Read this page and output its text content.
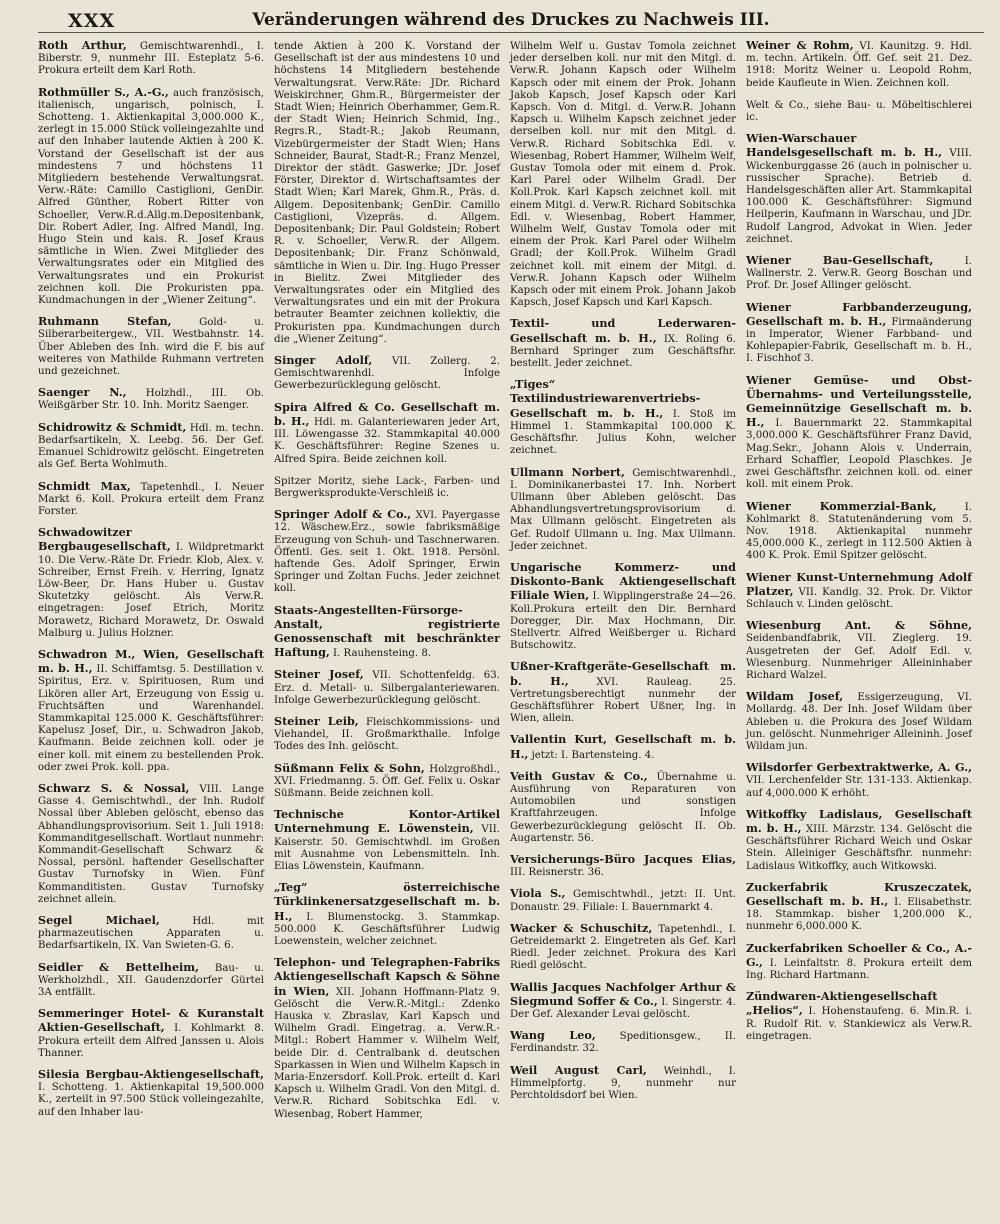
XXX	Veränderungen während des Druckes zu Nachweis III.
Roth Arthur, Gemischtwarenhdl., I. Biberstr. 9, nunmehr III. Esteplatz 5-6. Prokura erteilt dem Karl Roth.
Rothmüller S., A.-G., auch französisch, italienisch, ungarisch, polnisch, I. Schotteng. 1. Aktienkapital 3,000.000 K., zerlegt in 15.000 Stück volleingezahlte und auf den Inhaber lautende Aktien à 200 K. Vorstand der Gesellschaft ist der aus mindestens 7 und höchstens 11 Mitgliedern bestehende Verwaltungsrat. Verw.-Räte: Camillo Castiglioni, GenDir. Alfred Günther, Robert Ritter von Schoeller, Verw.R.d.Allg.m.Depositenbank, Dir. Robert Adler, Ing. Alfred Mandl, Ing. Hugo Stein und kais. R. Josef Kraus sämtliche in Wien. Zwei Mitglieder des Verwaltungsrates oder ein Mitglied des Verwaltungsrates und ein Prokurist zeichnen koll. Die Prokuristen ppa. Kundmachungen in der „Wiener Zeitung“.
Ruhmann Stefan, Gold- u. Silberarbeitergew., VII. Westbahnstr. 14. Über Ableben des Inh. wird die F. bis auf weiteres von Mathilde Ruhmann vertreten und gezeichnet.
Saenger N., Holzhdl., III. Ob. Weißgärber Str. 10. Inh. Moritz Saenger.
Schidrowitz & Schmidt, Hdl. m. techn. Bedarfsartikeln, X. Leebg. 56. Der Gef. Emanuel Schidrowitz gelöscht. Eingetreten als Gef. Berta Wohlmuth.
Schmidt Max, Tapetenhdl., I. Neuer Markt 6. Koll. Prokura erteilt dem Franz Forster.
Schwadowitzer Bergbaugesellschaft, I. Wildpretmarkt 10. Die Verw.-Räte Dr. Friedr. Klob, Alex. v. Schreiber, Ernst Freih. v. Herring, Ignatz Löw-Beer, Dr. Hans Huber u. Gustav Skutetzky gelöscht. Als Verw.R. eingetragen: Josef Etrich, Moritz Morawetz, Richard Morawetz, Dr. Oswald Malburg u. Julius Holzner.
Schwadron M., Wien, Gesellschaft m. b. H., II. Schiffamtsg. 5. Destillation v. Spiritus, Erz. v. Spirituosen, Rum und Likören aller Art, Erzeugung von Essig u. Fruchtsäften und Warenhandel. Stammkapital 125.000 K. Geschäftsführer: Kapelusz Josef, Dir., u. Schwadron Jakob, Kaufmann. Beide zeichnen koll. oder je einer koll. mit einem zu bestellenden Prok. oder zwei Prok. koll. ppa.
Schwarz S. & Nossal, VIII. Lange Gasse 4. Gemischtwhdl., der Inh. Rudolf Nossal über Ableben gelöscht, ebenso das Abhandlungsprovisorium. Seit 1. Juli 1918: Kommanditgesellschaft. Wortlaut nunmehr: Kommandit-Gesellschaft Schwarz & Nossal, persönl. haftender Gesellschafter Gustav Turnofsky in Wien. Fünf Kommanditisten. Gustav Turnofsky zeichnet allein.
Segel Michael, Hdl. mit pharmazeutischen Apparaten u. Bedarfsartikeln, IX. Van Swieten-G. 6.
Seidler & Bettelheim, Bau- u. Werkholzhdl., XII. Gaudenzdorfer Gürtel 3A entfällt.
Semmeringer Hotel- & Kuranstalt Aktien-Gesellschaft, I. Kohlmarkt 8. Prokura erteilt dem Alfred Janssen u. Alois Thanner.
Silesia Bergbau-Aktiengesellschaft, I. Schotteng. 1. Aktienkapital 19,500.000 K., zerteilt in 97.500 Stück volleingezahlte, auf den Inhaber lau-
tende Aktien à 200 K. Vorstand der Gesellschaft ist der aus mindestens 10 und höchstens 14 Mitgliedern bestehende Verwaltungsrat. Verw.Räte: JDr. Richard Weiskirchner, Ghm.R., Bürgermeister der Stadt Wien; Heinrich Oberhammer, Gem.R. der Stadt Wien; Heinrich Schmid, Ing., Regrs.R., Stadt-R.; Jakob Reumann, Vizebürgermeister der Stadt Wien; Hans Schneider, Baurat, Stadt-R.; Franz Menzel, Direktor der städt. Gaswerke; JDr. Josef Förster, Direktor d. Wirtschaftsamtes der Stadt Wien; Karl Marek, Ghm.R., Präs. d. Allgem. Depositenbank; GenDir. Camillo Castiglioni, Vizepräs. d. Allgem. Depositenbank; Dir. Paul Goldstein; Robert R. v. Schoeller, Verw.R. der Allgem. Depositenbank; Dir. Franz Schönwald, sämtliche in Wien u. Dir. Ing. Hugo Presser in Bielitz. Zwei Mitglieder des Verwaltungsrates oder ein Mitglied des Verwaltungsrates und ein mit der Prokura betrauter Beamter zeichnen kollektiv, die Prokuristen ppa. Kundmachungen durch die „Wiener Zeitung“.
Singer Adolf, VII. Zollerg. 2. Gemischtwarenhdl. Infolge Gewerbezurücklegung gelöscht.
Spira Alfred & Co. Gesellschaft m. b. H., Hdl. m. Galanteriewaren jeder Art, III. Löwengasse 32. Stammkapital 40.000 K. Geschäftsführer: Regine Szenes u. Alfred Spira. Beide zeichnen koll.
Spitzer Moritz, siehe Lack-, Farben- und Bergwerksprodukte-Verschleiß ic.
Springer Adolf & Co., XVI. Payergasse 12. Wäschew.Erz., sowie fabriksmäßige Erzeugung von Schuh- und Taschnerwaren. Öffentl. Ges. seit 1. Okt. 1918. Persönl. haftende Ges. Adolf Springer, Erwin Springer und Zoltan Fuchs. Jeder zeichnet koll.
Staats-Angestellten-Fürsorge-Anstalt, registrierte Genossenschaft mit beschränkter Haftung, I. Rauhensteing. 8.
Steiner Josef, VII. Schottenfeldg. 63. Erz. d. Metall- u. Silbergalanteriewaren. Infolge Gewerbezurücklegung gelöscht.
Steiner Leib, Fleischkommissions- und Viehandel, II. Großmarkthalle. Infolge Todes des Inh. gelöscht.
Süßmann Felix & Sohn, Holzgroßhdl., XVI. Friedmanng. 5. Öff. Gef. Felix u. Oskar Süßmann. Beide zeichnen koll.
Technische Kontor-Artikel Unternehmung E. Löwenstein, VII. Kaiserstr. 50. Gemischtwhdl. im Großen mit Ausnahme von Lebensmitteln. Inh. Elias Löwenstein, Kaufmann.
„Teg“ österreichische Türklinkenersatzgesellschaft m. b. H., I. Blumenstockg. 3. Stammkap. 500.000 K. Geschäftsführer Ludwig Loewenstein, welcher zeichnet.
Telephon- und Telegraphen-Fabriks Aktiengesellschaft Kapsch & Söhne in Wien, XII. Johann Hoffmann-Platz 9. Gelöscht die Verw.R.-Mitgl.: Zdenko Hauska v. Zbraslav, Karl Kapsch und Wilhelm Gradl. Eingetrag. a. Verw.R.-Mitgl.: Robert Hammer v. Wilhelm Welf, beide Dir. d. Centralbank d. deutschen Sparkassen in Wien und Wilhelm Kapsch in Maria-Enzersdorf. Koll.Prok. erteilt d. Karl Kapsch u. Wilhelm Gradl. Von den Mitgl. d. Verw.R. Richard Sobitschka Edl. v. Wiesenbag, Robert Hammer,
Wilhelm Welf u. Gustav Tomola zeichnet jeder derselben koll. nur mit den Mitgl. d. Verw.R. Johann Kapsch oder Wilhelm Kapsch oder mit einem der Prok. Johann Jakob Kapsch, Josef Kapsch oder Karl Kapsch. Von d. Mitgl. d. Verw.R. Johann Kapsch u. Wilhelm Kapsch zeichnet jeder derselben koll. nur mit den Mitgl. d. Verw.R. Richard Sobitschka Edl. v. Wiesenbag, Robert Hammer, Wilhelm Welf, Gustav Tomola oder mit einem d. Prok. Karl Parel oder Wilhelm Gradl. Der Koll.Prok. Karl Kapsch zeichnet koll. mit einem Mitgl. d. Verw.R. Richard Sobitschka Edl. v. Wiesenbag, Robert Hammer, Wilhelm Welf, Gustav Tomola oder mit einem der Prok. Karl Parel oder Wilhelm Gradl; der Koll.Prok. Wilhelm Gradl zeichnet koll. mit einem der Mitgl. d. Verw.R. Johann Kapsch oder Wilhelm Kapsch oder mit einem Prok. Johann Jakob Kapsch, Josef Kapsch und Karl Kapsch.
Textil- und Lederwaren-Gesellschaft m. b. H., IX. Roling 6. Bernhard Springer zum Geschäftsfhr. bestellt. Jeder zeichnet.
„Tiges“ Textilindustriewarenvertriebs-Gesellschaft m. b. H., I. Stoß im Himmel 1. Stammkapital 100.000 K. Geschäftsfhr. Julius Kohn, welcher zeichnet.
Ullmann Norbert, Gemischtwarenhdl., I. Dominikanerbastei 17. Inh. Norbert Ullmann über Ableben gelöscht. Das Abhandlungsvertretungsprovisorium d. Max Ullmann gelöscht. Eingetreten als Gef. Rudolf Ullmann u. Ing. Max Ullmann. Jeder zeichnet.
Ungarische Kommerz- und Diskonto-Bank Aktiengesellschaft Filiale Wien, I. Wipplingerstraße 24—26. Koll.Prokura erteilt den Dir. Bernhard Doregger, Dir. Max Hochmann, Dir. Stellvertr. Alfred Weißberger u. Richard Butschowitz.
Ußner-Kraftgeräte-Gesellschaft m. b. H., XVI. Rauleag. 25. Vertretungsberechtigt nunmehr der Geschäftsführer Robert Ußner, Ing. in Wien, allein.
Vallentin Kurt, Gesellschaft m. b. H., jetzt: I. Bartensteing. 4.
Veith Gustav & Co., Übernahme u. Ausführung von Reparaturen von Automobilen und sonstigen Kraftfahrzeugen. Infolge Gewerbezurücklegung gelöscht II. Ob. Augartenstr. 56.
Versicherungs-Büro Jacques Elias, III. Reisnerstr. 36.
Viola S., Gemischtwhdl., jetzt: II. Unt. Donaustr. 29. Filiale: I. Bauernmarkt 4.
Wacker & Schuschitz, Tapetenhdl., I. Getreidemarkt 2. Eingetreten als Gef. Karl Riedl. Jeder zeichnet. Prokura des Karl Riedl gelöscht.
Wallis Jacques Nachfolger Arthur & Siegmund Soffer & Co., I. Singerstr. 4. Der Gef. Alexander Levai gelöscht.
Wang Leo, Speditionsgew., II. Ferdinandstr. 32.
Weil August Carl, Weinhdl., I. Himmelpfortg. 9, nunmehr nur Perchtoldsdorf bei Wien.
Weiner & Rohm, VI. Kaunitzg. 9. Hdl. m. techn. Artikeln. Öff. Gef. seit 21. Dez. 1918: Moritz Weiner u. Leopold Rohm, beide Kaufleute in Wien. Zeichnen koll.
Welt & Co., siehe Bau- u. Möbeltischlerei ic.
Wien-Warschauer Handelsgesellschaft m. b. H., VIII. Wickenburggasse 26 (auch in polnischer u. russischer Sprache). Betrieb d. Handelsgeschäften aller Art. Stammkapital 100.000 K. Geschäftsführer: Sigmund Heilperin, Kaufmann in Warschau, und JDr. Rudolf Langrod, Advokat in Wien. Jeder zeichnet.
Wiener Bau-Gesellschaft, I. Wallnerstr. 2. Verw.R. Georg Boschan und Prof. Dr. Josef Allinger gelöscht.
Wiener Farbbanderzeugung, Gesellschaft m. b. H., Firmaänderung in Imperator, Wiener Farbband- und Kohlepapier-Fabrik, Gesellschaft m. b. H., I. Fischhof 3.
Wiener Gemüse- und Obst-Übernahms- und Verteilungsstelle, Gemeinnützige Gesellschaft m. b. H., I. Bauernmarkt 22. Stammkapital 3,000.000 K. Geschäftsführer Franz David, Mag.Sekr., Johann Alois v. Underrain, Erhard Schaffler, Leopold Plaschkes. Je zwei Geschäftsfhr. zeichnen koll. od. einer koll. mit einem Prok.
Wiener Kommerzial-Bank, I. Kohlmarkt 8. Statutenänderung vom 5. Nov. 1918. Aktienkapital nunmehr 45,000.000 K., zerlegt in 112.500 Aktien à 400 K. Prok. Emil Spitzer gelöscht.
Wiener Kunst-Unternehmung Adolf Platzer, VII. Kandlg. 32. Prok. Dr. Viktor Schlauch v. Linden gelöscht.
Wiesenburg Ant. & Söhne, Seidenbandfabrik, VII. Zieglerg. 19. Ausgetreten der Gef. Adolf Edl. v. Wiesenburg. Nunmehriger Alleininhaber Richard Walzel.
Wildam Josef, Essigerzeugung, VI. Mollardg. 48. Der Inh. Josef Wildam über Ableben u. die Prokura des Josef Wildam jun. gelöscht. Nunmehriger Alleininh. Josef Wildam jun.
Wilsdorfer Gerbextraktwerke, A. G., VII. Lerchenfelder Str. 131-133. Aktienkap. auf 4,000.000 K erhöht.
Witkoffky Ladislaus, Gesellschaft m. b. H., XIII. Märzstr. 134. Gelöscht die Geschäftsführer Richard Weich und Oskar Stein. Alleiniger Geschäftsfhr. nunmehr: Ladislaus Witkoffky, auch Witkowski.
Zuckerfabrik Kruszeczatek, Gesellschaft m. b. H., I. Elisabethstr. 18. Stammkap. bisher 1,200.000 K., nunmehr 6,000.000 K.
Zuckerfabriken Schoeller & Co., A.-G., I. Leinfaltstr. 8. Prokura erteilt dem Ing. Richard Hartmann.
Zündwaren-Aktiengesellschaft „Helios“, I. Hohenstaufeng. 6. Min.R. i. R. Rudolf Rit. v. Stankiewicz als Verw.R. eingetragen.
